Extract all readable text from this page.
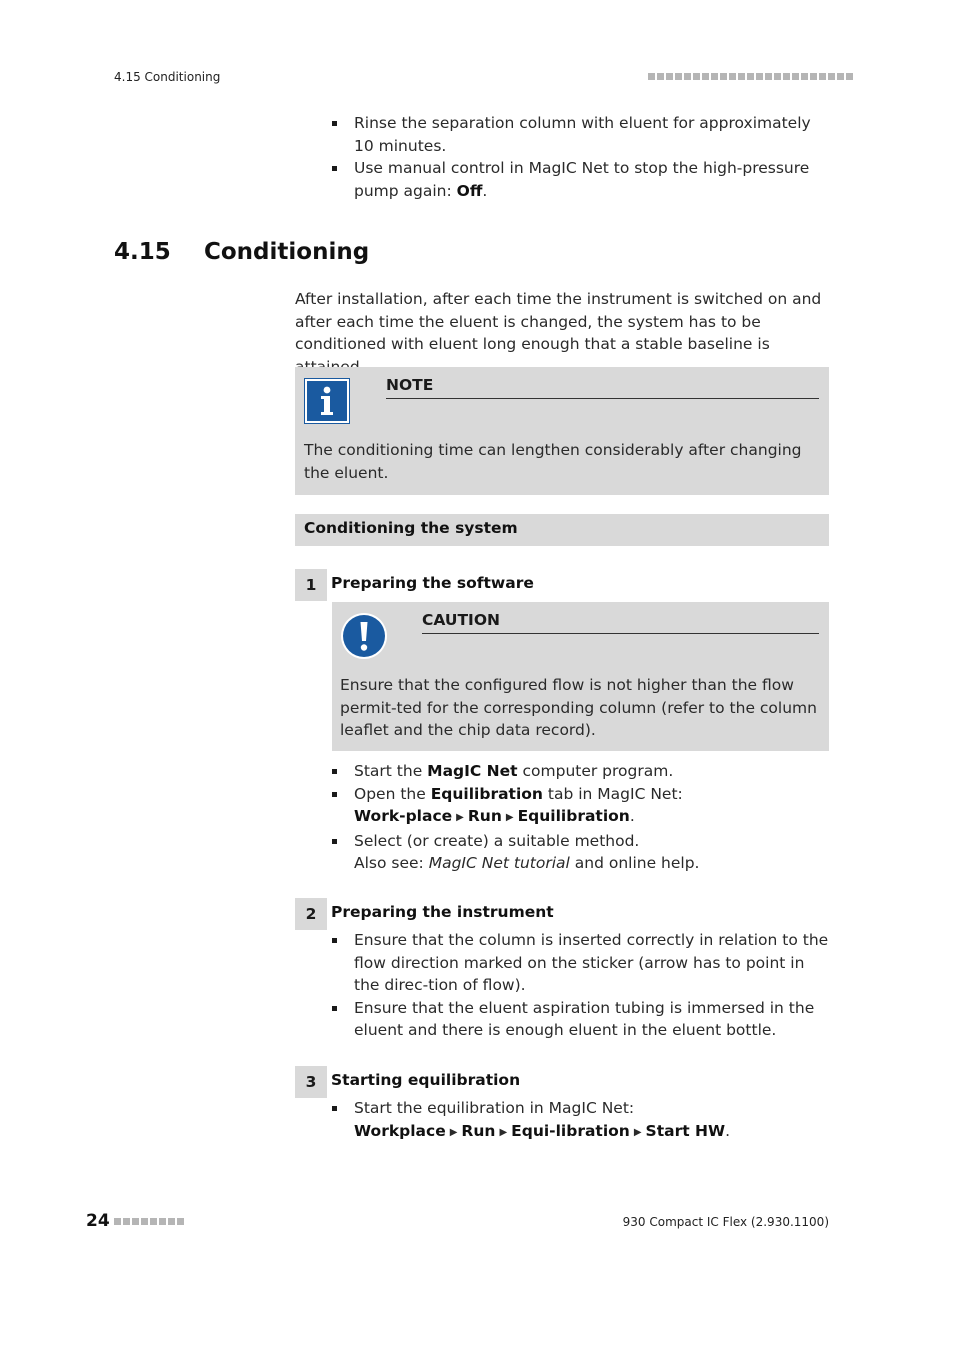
4.15 Conditioning
Rinse the separation column with eluent for approximately 10 minutes.
Use manual control in MagIC Net to stop the high-pressure pump again: Off.
4.15 Conditioning
After installation, after each time the instrument is switched on and after each time the eluent is changed, the system has to be conditioned with eluent long enough that a stable baseline is
NOTE
The conditioning time can lengthen considerably after changing the eluent.
Conditioning the system
1 Preparing the software
CAUTION
Ensure that the configured flow is not higher than the flow permit-ted for the corresponding column (refer to the column leaflet and the chip data record).
Start the MagIC Net computer program.
Open the Equilibration tab in MagIC Net: Work-place ▶ Run ▶ Equilibration.
Select (or create) a suitable method.
Also see: MagIC Net tutorial and online help.
2 Preparing the instrument
Ensure that the column is inserted correctly in relation to the flow direction marked on the sticker (arrow has to point in the direc-tion of flow).
Ensure that the eluent aspiration tubing is immersed in the eluent and there is enough eluent in the eluent bottle.
3 Starting equilibration
Start the equilibration in MagIC Net: Workplace ▶ Run ▶ Equi-libration ▶ Start HW.
24	930 Compact IC Flex (2.930.1100)
